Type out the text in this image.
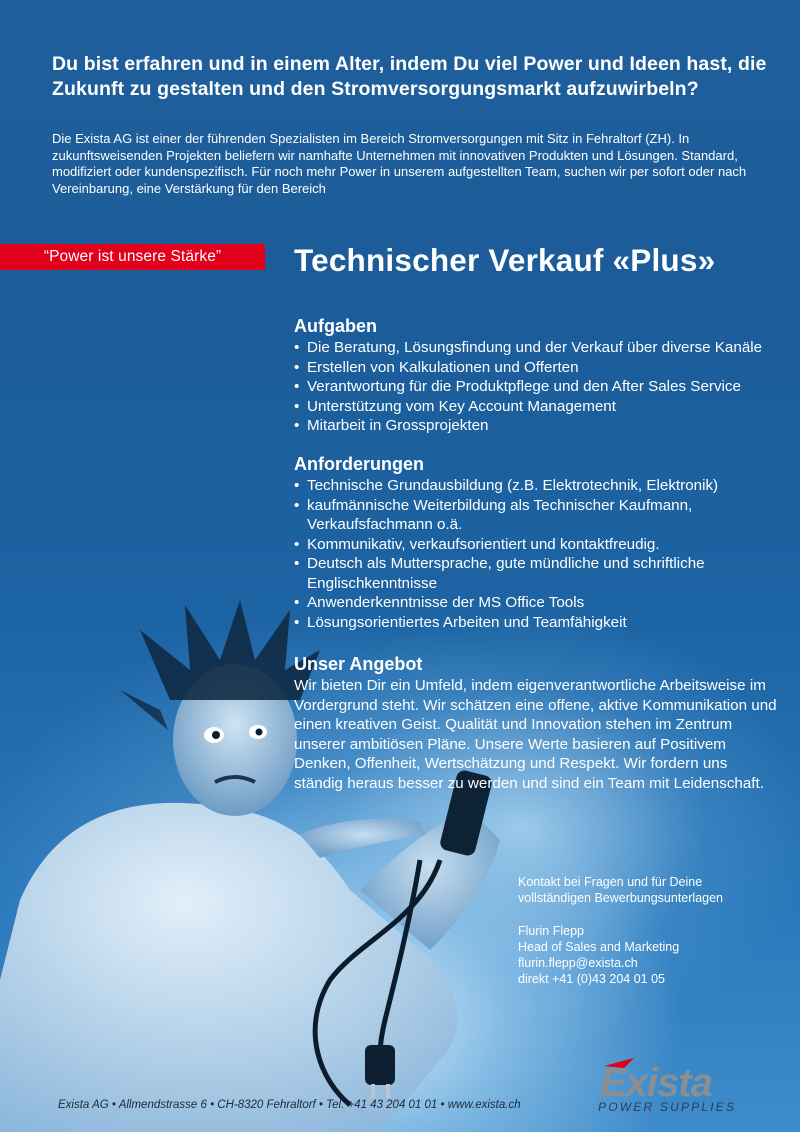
Du bist erfahren und in einem Alter, indem Du viel Power und Ideen hast, die Zukunft zu gestalten und den Stromversorgungsmarkt aufzuwirbeln?
Die Exista AG ist einer der führenden Spezialisten im Bereich Stromversorgungen mit Sitz in Fehraltorf (ZH). In zukunftsweisenden Projekten beliefern wir namhafte Unternehmen mit innovativen Produkten und Lösungen. Standard, modifiziert oder kundenspezifisch. Für noch mehr Power in unserem aufgestellten Team, suchen wir per sofort oder nach Vereinbarung, eine Verstärkung für den Bereich
“Power ist unsere Stärke” Technischer Verkauf «Plus»
Aufgaben
• Die Beratung, Lösungsfindung und der Verkauf über diverse Kanäle
• Erstellen von Kalkulationen und Offerten
• Verantwortung für die Produktpflege und den After Sales Service
• Unterstützung vom Key Account Management
• Mitarbeit in Grossprojekten
Anforderungen
• Technische Grundausbildung (z.B. Elektrotechnik, Elektronik)
• kaufmännische Weiterbildung als Technischer Kaufmann, Verkaufsfachmann o.ä.
• Kommunikativ, verkaufsorientiert und kontaktfreudig.
• Deutsch als Muttersprache, gute mündliche und schriftliche Englischkenntnisse
• Anwenderkenntnisse der MS Office Tools
• Lösungsorientiertes Arbeiten und Teamfähigkeit
Unser Angebot
Wir bieten Dir ein Umfeld, indem eigenverantwortliche Arbeitsweise im Vordergrund steht. Wir schätzen eine offene, aktive Kommunikation und einen kreativen Geist. Qualität und Innovation stehen im Zentrum unserer ambitiösen Pläne. Unsere Werte basieren auf Positivem Denken, Offenheit, Wertschätzung und Respekt. Wir fordern uns ständig heraus besser zu werden und sind ein Team mit Leidenschaft.
Kontakt bei Fragen und für Deine
vollständigen Bewerbungsunterlagen
Flurin Flepp
Head of Sales and Marketing
flurin.flepp@exista.ch
direkt +41 (0)43 204 01 05
Exista AG • Allmendstrasse 6 • CH-8320 Fehraltorf • Tel. +41 43 204 01 01 • www.exista.ch Exista
POWER SUPPLIES
